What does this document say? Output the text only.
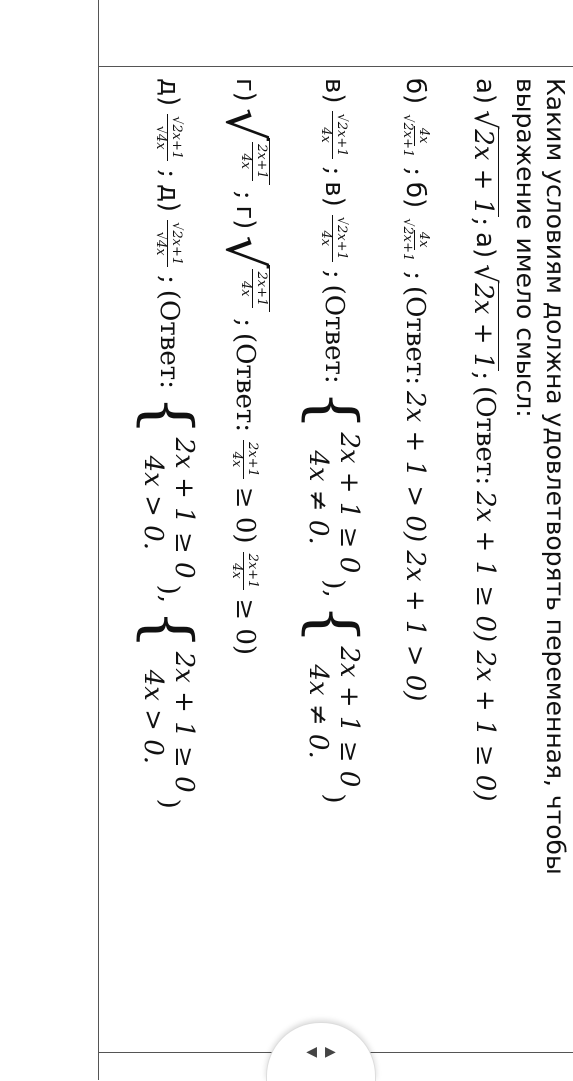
Каким условиям должна удовлетворять переменная, чтобы
выражение имело смысл:
а)
√2x + 1;
а)
√2x + 1;
(Ответ:
2x + 1 ≥ 0) 2x + 1 ≥ 0)
б)
4x
√2x+1
;
б)
4x
√2x+1
;
(Ответ:
2x + 1 > 0) 2x + 1 > 0)
в)
√2x+1
4x
;
в)
√2x+1
4x
;
(Ответ:
{
2x + 1 ≥ 0
4x ≠ 0.
),
{
2x + 1 ≥ 0
4x ≠ 0.
)
г)
√
2x+1
4x
;
г)
√
2x+1
4x
;
(Ответ:
2x+1
4x
≥ 0)
2x+1
4x
≥ 0)
д)
√2x+1
√4x
;
д)
√2x+1
√4x
;
(Ответ:
{
2x + 1 ≥ 0
4x > 0.
),
{
2x + 1 ≥ 0
4x > 0.
)
◀ ▶
